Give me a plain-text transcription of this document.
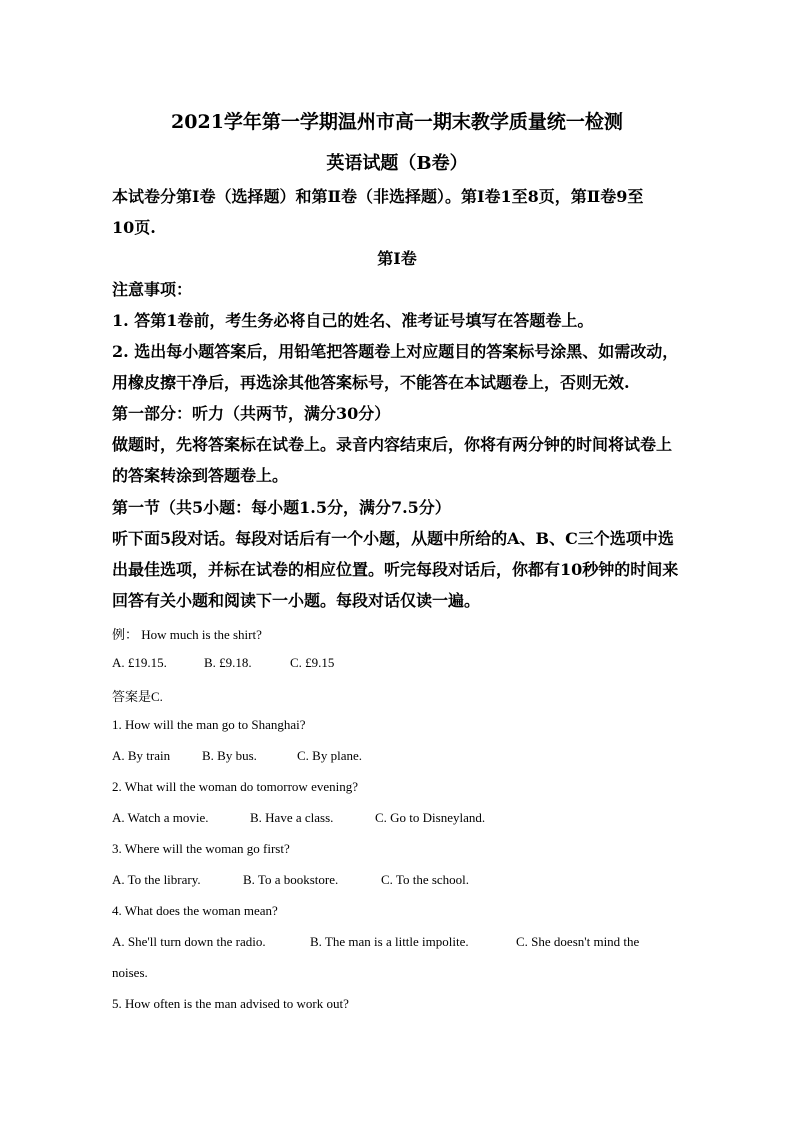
2021学年第一学期温州市高一期末教学质量统一检测
英语试题（B卷）
本试卷分第Ⅰ卷（选择题）和第Ⅱ卷（非选择题）。第Ⅰ卷1至8页，第Ⅱ卷9至
10页.
第Ⅰ卷
注意事项：
1. 答第1卷前，考生务必将自己的姓名、准考证号填写在答题卷上。
2. 选出每小题答案后，用铅笔把答题卷上对应题目的答案标号涂黑、如需改动，
用橡皮擦干净后，再选涂其他答案标号，不能答在本试题卷上，否则无效.
第一部分：听力（共两节，满分30分）
做题时，先将答案标在试卷上。录音内容结束后，你将有两分钟的时间将试卷上
的答案转涂到答题卷上。
第一节（共5小题：每小题1.5分，满分7.5分）
听下面5段对话。每段对话后有一个小题，从题中所给的A、B、C三个选项中选
出最佳选项，并标在试卷的相应位置。听完每段对话后，你都有10秒钟的时间来
回答有关小题和阅读下一小题。每段对话仅读一遍。
例： How much is the shirt?
A. £19.15.	B. £9.18.	C. £9.15
答案是C.
1. How will the man go to Shanghai?
A. By train B. By bus.	C. By plane.
2. What will the woman do tomorrow evening?
A. Watch a movie.	B. Have a class.	C. Go to Disneyland.
3. Where will the woman go first?
A. To the library.	B. To a bookstore.	C. To the school.
4. What does the woman mean?
A. She'll turn down the radio.	B. The man is a little impolite.	C. She doesn't mind the
noises.
5. How often is the man advised to work out?
